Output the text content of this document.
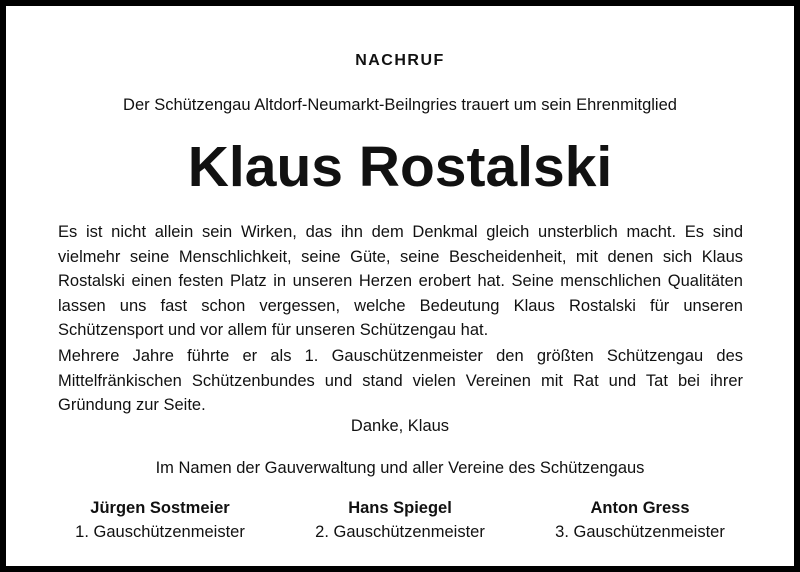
NACHRUF
Der Schützengau Altdorf-Neumarkt-Beilngries trauert um sein Ehrenmitglied
Klaus Rostalski

Es ist nicht allein sein Wirken, das ihn dem Denkmal gleich unsterblich macht. Es sind vielmehr seine Menschlichkeit, seine Güte, seine Bescheidenheit, mit denen sich Klaus Rostalski einen festen Platz in unseren Herzen erobert hat. Seine menschlichen Qualitäten lassen uns fast schon vergessen, welche Bedeutung Klaus Rostalski für unseren Schützensport und vor allem für unseren Schützengau hat.

Mehrere Jahre führte er als 1. Gauschützenmeister den größten Schützengau des Mittelfränkischen Schützenbundes und stand vielen Vereinen mit Rat und Tat bei ihrer Gründung zur Seite.

Danke, Klaus
Im Namen der Gauverwaltung und aller Vereine des Schützengaus
Jürgen Sostmeier
1. Gauschützenmeister
Hans Spiegel
2. Gauschützenmeister
Anton Gress
3. Gauschützenmeister
